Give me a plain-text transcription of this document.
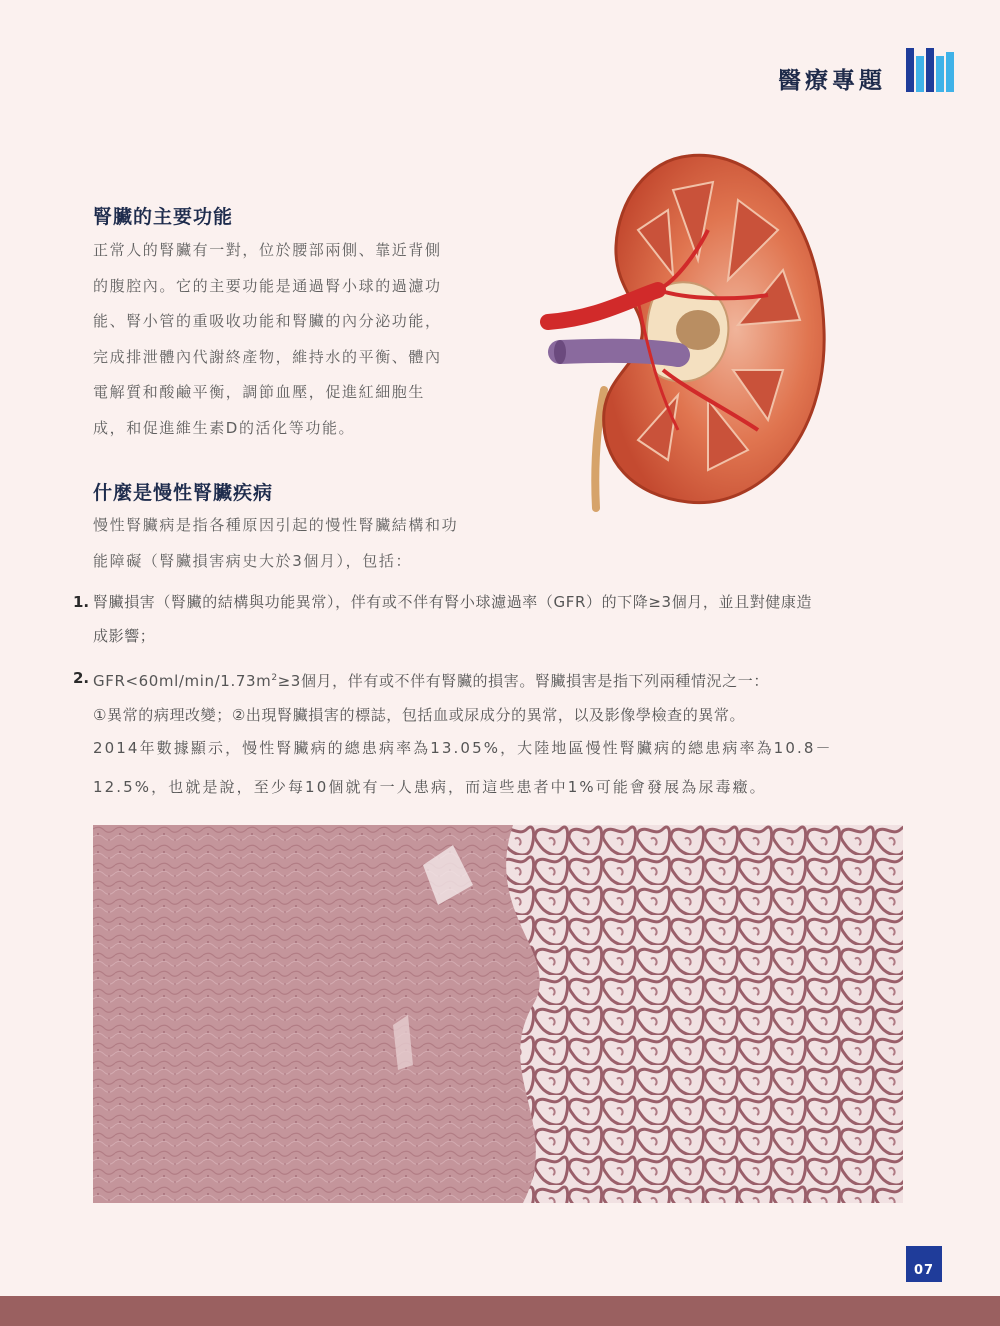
醫療專題
腎臟的主要功能
正常人的腎臟有一對，位於腰部兩側、靠近背側
的腹腔內。它的主要功能是通過腎小球的過濾功
能、腎小管的重吸收功能和腎臟的內分泌功能，
完成排泄體內代謝終產物，維持水的平衡、體內
電解質和酸鹼平衡，調節血壓，促進紅細胞生
成，和促進維生素D的活化等功能。
什麼是慢性腎臟疾病
慢性腎臟病是指各種原因引起的慢性腎臟結構和功
能障礙（腎臟損害病史大於3個月），包括：
1. 腎臟損害（腎臟的結構與功能異常），伴有或不伴有腎小球濾過率（GFR）的下降≥3個月，並且對健康造
成影響；
2. $GFR<60ml/\min/1.73m^2\ge 3$個月，伴有或不伴有腎臟的損害。腎臟損害是指下列兩種情況之一：
①異常的病理改變；②出現腎臟損害的標誌，包括血或尿成分的異常，以及影像學檢查的異常。
2014年數據顯示，慢性腎臟病的總患病率為13.05%，大陸地區慢性腎臟病的總患病率為10.8－
12.5%，也就是說，至少每10個就有一人患病，而這些患者中1%可能會發展為尿毒癥。
07
